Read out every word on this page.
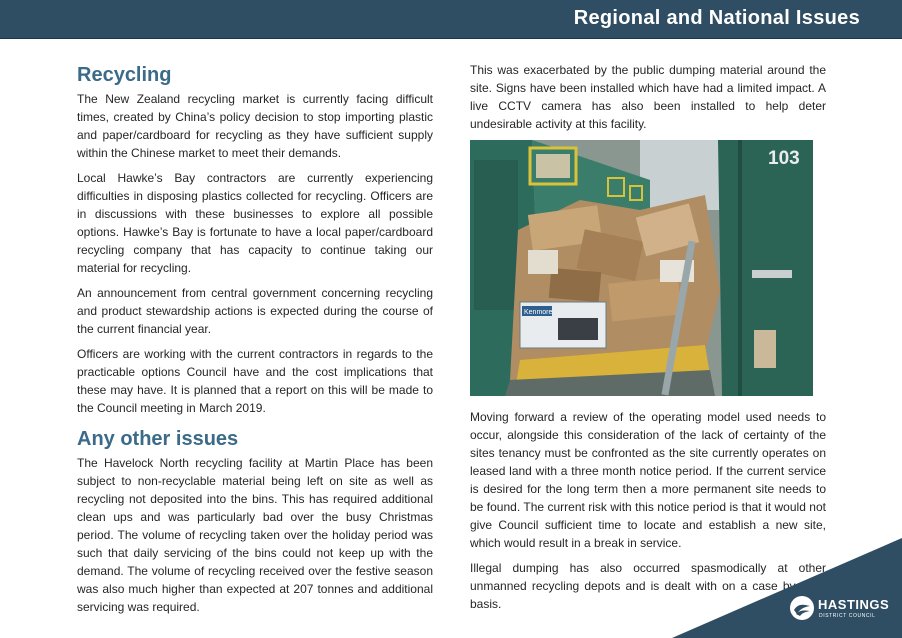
Regional and National Issues
Recycling

The New Zealand recycling market is currently facing difficult times, created by China’s policy decision to stop importing plastic and paper/cardboard for recycling as they have sufficient supply within the Chinese market to meet their demands.

Local Hawke’s Bay contractors are currently experiencing difficulties in disposing plastics collected for recycling. Officers are in discussions with these businesses to explore all possible options. Hawke’s Bay is fortunate to have a local paper/cardboard recycling company that has capacity to continue taking our material for recycling.

An announcement from central government concerning recycling and product stewardship actions is expected during the course of the current financial year.

Officers are working with the current contractors in regards to the practicable options Council have and the cost implications that these may have. It is planned that a report on this will be made to the Council meeting in March 2019.

Any other issues

The Havelock North recycling facility at Martin Place has been subject to non-recyclable material being left on site as well as recycling not deposited into the bins. This has required additional clean ups and was particularly bad over the busy Christmas period. The volume of recycling taken over the holiday period was such that daily servicing of the bins could not keep up with the demand. The volume of recycling received over the festive season was also much higher than expected at 207 tonnes and additional servicing was required.

This was exacerbated by the public dumping material around the site. Signs have been installed which have had a limited impact. A live CCTV camera has also been installed to help deter undesirable activity at this facility.

Kenmore
103

Moving forward a review of the operating model used needs to occur, alongside this consideration of the lack of certainty of the sites tenancy must be confronted as the site currently operates on leased land with a three month notice period. If the current service is desired for the long term then a more permanent site needs to be found. The current risk with this notice period is that it would not give Council sufficient time to locate and establish a new site, which would result in a break in service.

Illegal dumping has also occurred spasmodically at other unmanned recycling depots and is dealt with on a case by case basis.	HASTINGS
DISTRICT COUNCIL
